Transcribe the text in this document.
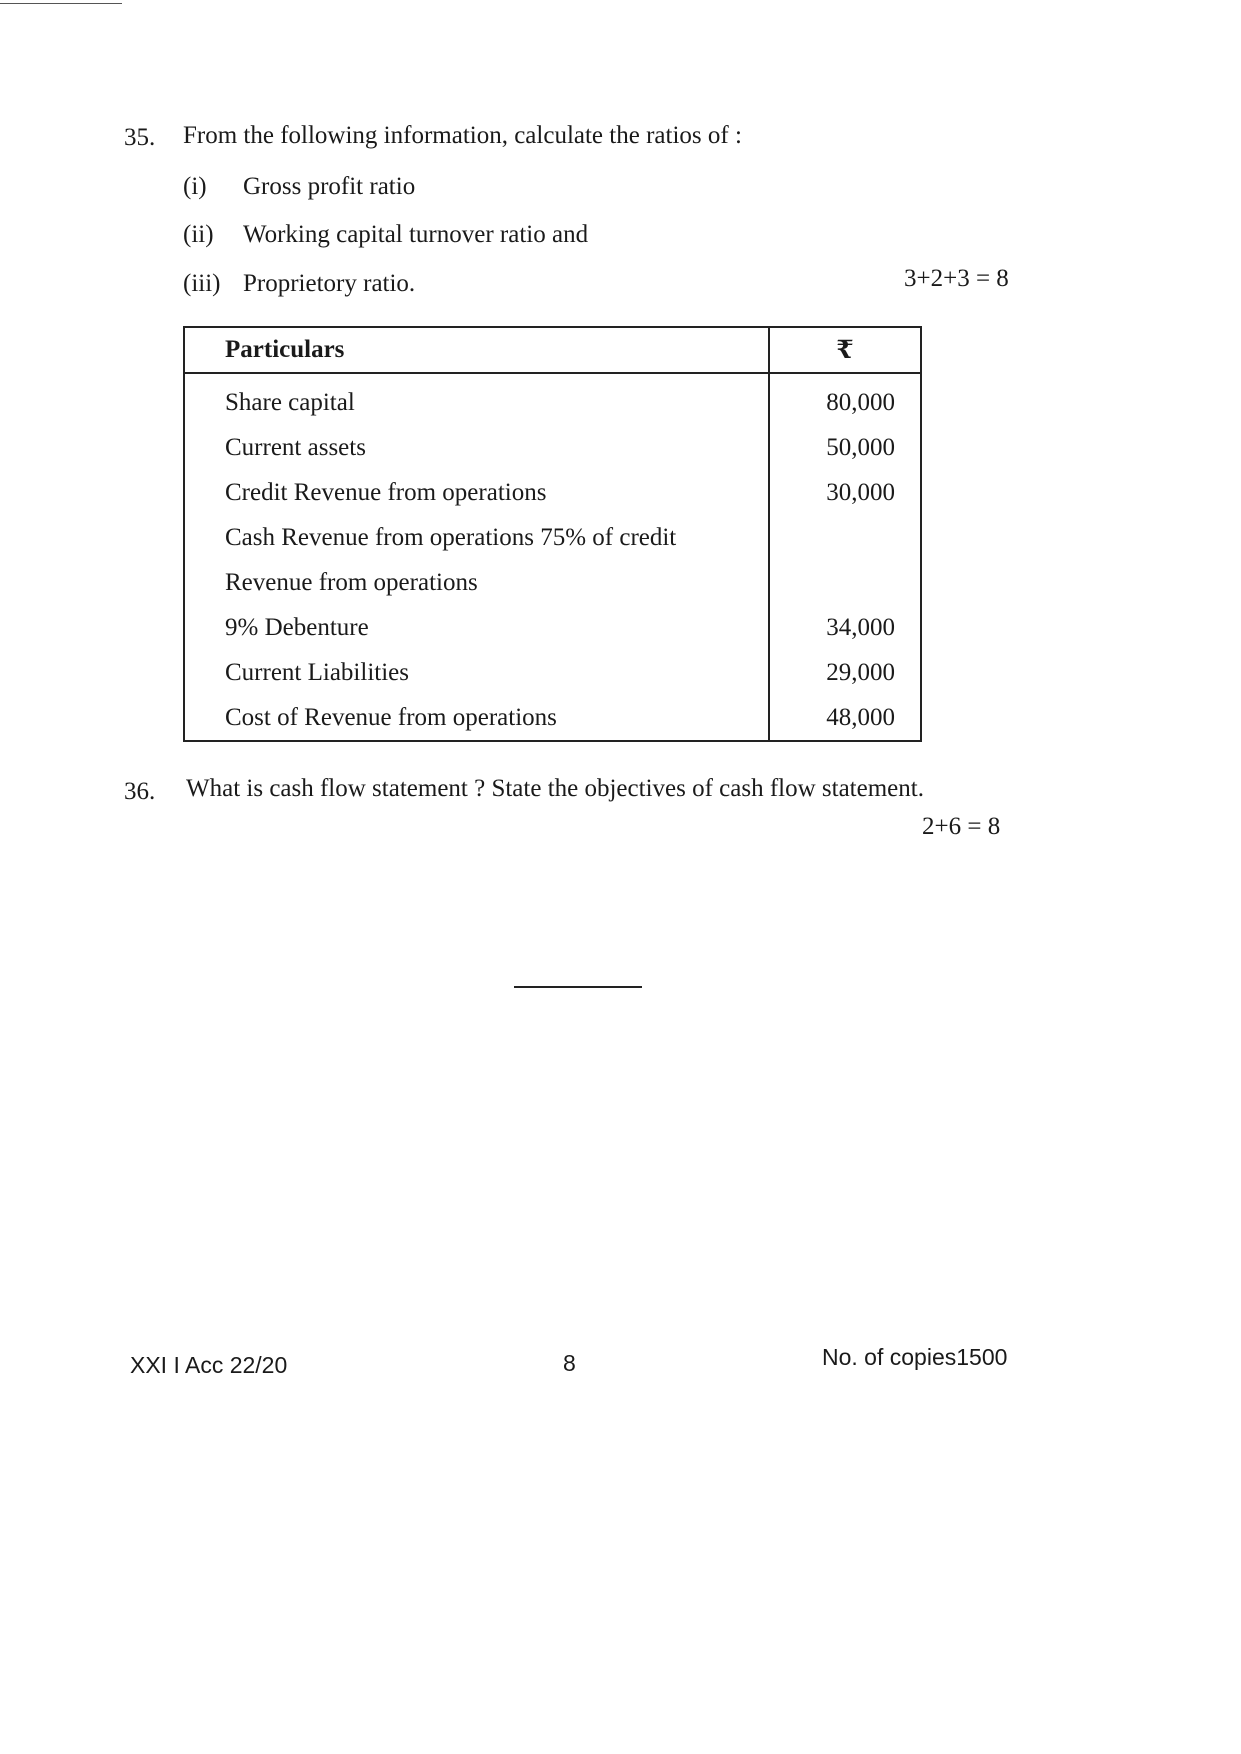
35. From the following information, calculate the ratios of :
(i) Gross profit ratio
(ii) Working capital turnover ratio and
(iii) Proprietory ratio.	3+2+3 = 8
Particulars	₹
Share capital	80,000
Current assets	50,000
Credit Revenue from operations	30,000
Cash Revenue from operations 75% of credit	
Revenue from operations	
9% Debenture	34,000
Current Liabilities	29,000
Cost of Revenue from operations	48,000
36. What is cash flow statement ? State the objectives of cash flow statement.
2+6 = 8
XXI I Acc 22/20	8	No. of copies1500
